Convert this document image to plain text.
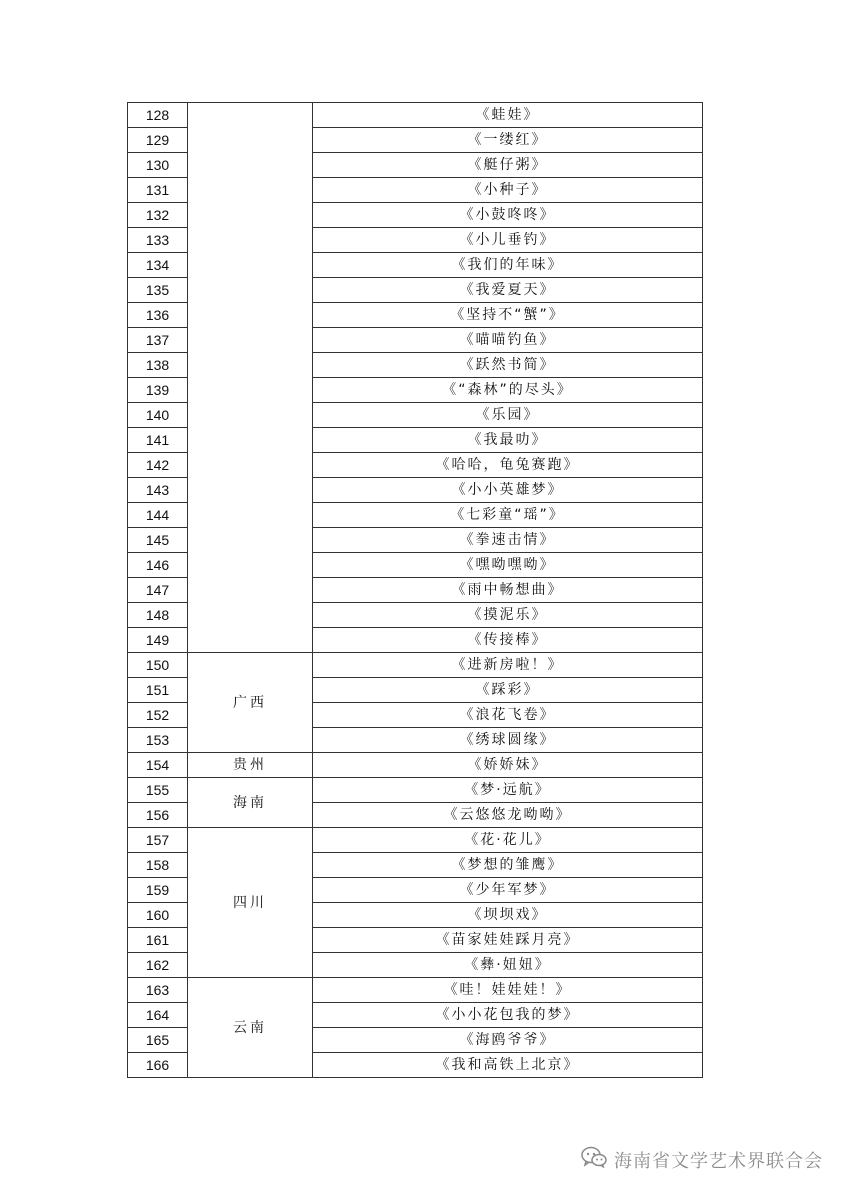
128		《蛙娃》
129		《一缕红》
130		《艇仔粥》
131		《小种子》
132		《小鼓咚咚》
133		《小儿垂钓》
134		《我们的年味》
135		《我爱夏天》
136		《坚持不“蟹”》
137		《喵喵钓鱼》
138		《跃然书简》
139		《“森林”的尽头》
140		《乐园》
141		《我最叻》
142		《哈哈，龟兔赛跑》
143		《小小英雄梦》
144		《七彩童“瑶”》
145		《拳速击情》
146		《嘿呦嘿呦》
147		《雨中畅想曲》
148		《摸泥乐》
149		《传接棒》
150	广西	《进新房啦！》
151		《踩彩》
152		《浪花飞卷》
153		《绣球圆缘》
154	贵州	《娇娇妹》
155	海南	《梦·远航》
156		《云悠悠龙呦呦》
157	四川	《花·花儿》
158		《梦想的雏鹰》
159		《少年军梦》
160		《坝坝戏》
161		《苗家娃娃踩月亮》
162		《彝·妞妞》
163	云南	《哇！娃娃娃！》
164		《小小花包我的梦》
165		《海鸥爷爷》
166		《我和高铁上北京》
海南省文学艺术界联合会
